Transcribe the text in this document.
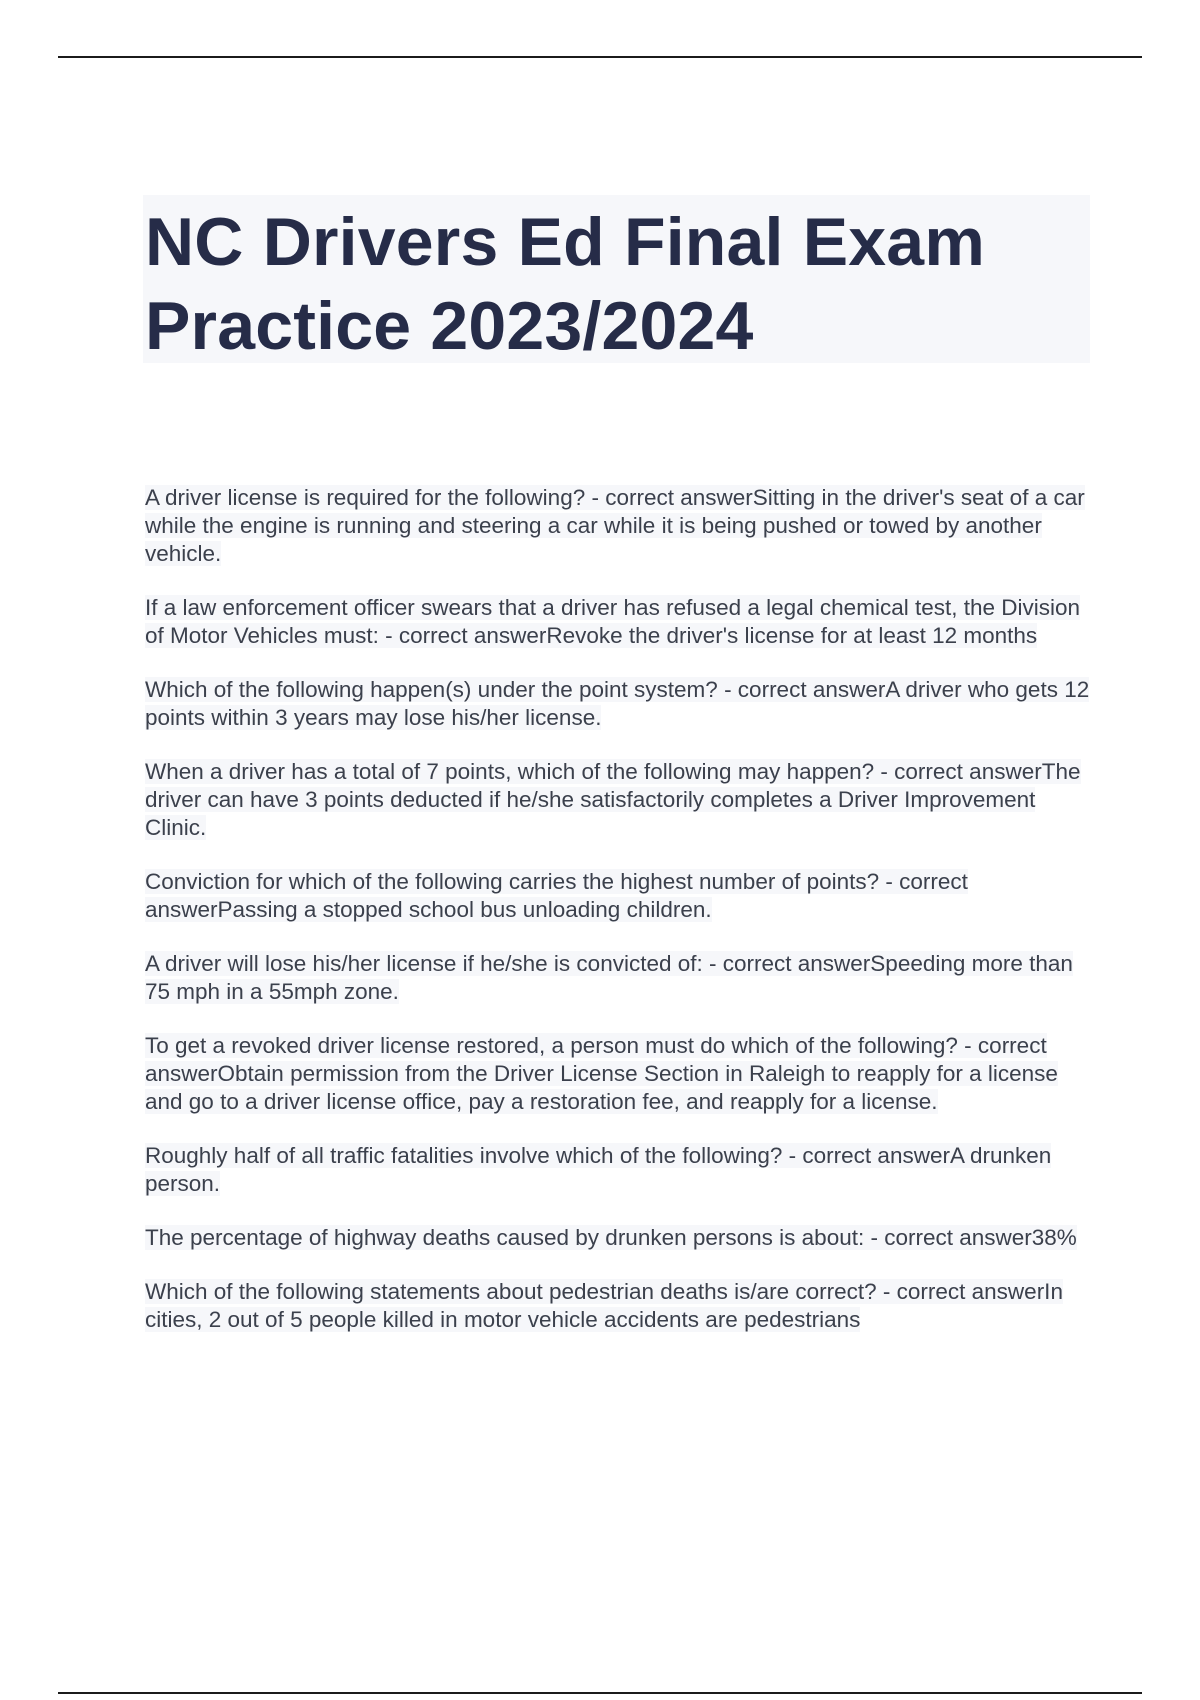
NC Drivers Ed Final Exam
Practice 2023/2024

A driver license is required for the following? - correct answerSitting in the driver's seat of a car while the engine is running and steering a car while it is being pushed or towed by another vehicle.

If a law enforcement officer swears that a driver has refused a legal chemical test, the Division of Motor Vehicles must: - correct answerRevoke the driver's license for at least 12 months

Which of the following happen(s) under the point system? - correct answerA driver who gets 12 points within 3 years may lose his/her license.

When a driver has a total of 7 points, which of the following may happen? - correct answerThe driver can have 3 points deducted if he/she satisfactorily completes a Driver Improvement Clinic.

Conviction for which of the following carries the highest number of points? - correct answerPassing a stopped school bus unloading children.

A driver will lose his/her license if he/she is convicted of: - correct answerSpeeding more than 75 mph in a 55mph zone.

To get a revoked driver license restored, a person must do which of the following? - correct answerObtain permission from the Driver License Section in Raleigh to reapply for a license and go to a driver license office, pay a restoration fee, and reapply for a license.

Roughly half of all traffic fatalities involve which of the following? - correct answerA drunken person.

The percentage of highway deaths caused by drunken persons is about: - correct answer38%

Which of the following statements about pedestrian deaths is/are correct? - correct answerIn cities, 2 out of 5 people killed in motor vehicle accidents are pedestrians
